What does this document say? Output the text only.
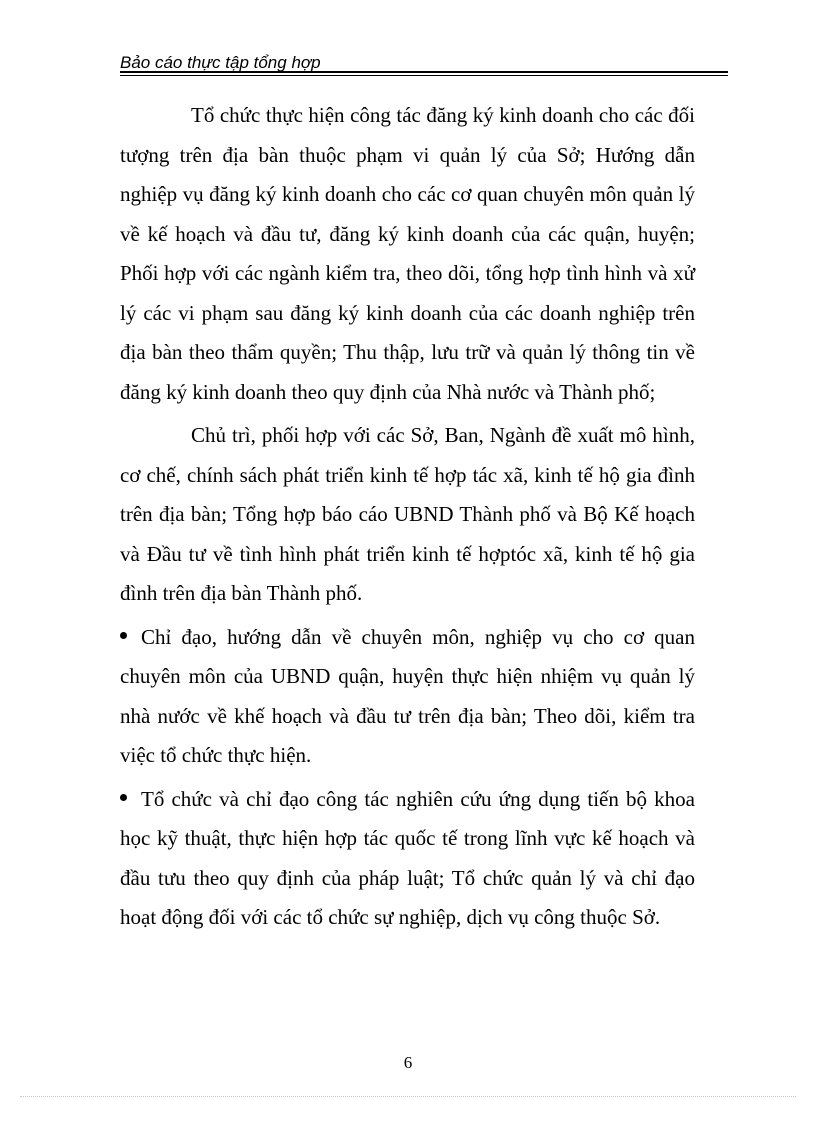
Bảo cáo thực tập tổng hợp

Tổ chức thực hiện công tác đăng ký kinh doanh cho các đối tượng trên địa bàn thuộc phạm vi quản lý của Sở; Hướng dẫn nghiệp vụ đăng ký kinh doanh cho các cơ quan chuyên môn quản lý về kế hoạch và đầu tư, đăng ký kinh doanh của các quận, huyện; Phối hợp với các ngành kiểm tra, theo dõi, tổng hợp tình hình và xử lý các vi phạm sau đăng ký kinh doanh của các doanh nghiệp trên địa bàn theo thẩm quyền; Thu thập, lưu trữ và quản lý thông tin về đăng ký kinh doanh theo quy định của Nhà nước và Thành phố;

Chủ trì, phối hợp với các Sở, Ban, Ngành đề xuất mô hình, cơ chế, chính sách phát triển kinh tế hợp tác xã, kinh tế hộ gia đình trên địa bàn; Tổng hợp báo cáo UBND Thành phố và Bộ Kế hoạch và Đầu tư về tình hình phát triển kinh tế hợptóc xã, kinh tế hộ gia đình trên địa bàn Thành phố.

Chỉ đạo, hướng dẫn về chuyên môn, nghiệp vụ cho cơ quan chuyên môn của UBND quận, huyện thực hiện nhiệm vụ quản lý nhà nước về khế hoạch và đầu tư trên địa bàn; Theo dõi, kiểm tra việc tổ chức thực hiện.

Tổ chức và chỉ đạo công tác nghiên cứu ứng dụng tiến bộ khoa học kỹ thuật, thực hiện hợp tác quốc tế trong lĩnh vực kế hoạch và đầu tưu theo quy định của pháp luật; Tổ chức quản lý và chỉ đạo hoạt động đối với các tổ chức sự nghiệp, dịch vụ công thuộc Sở.

6
